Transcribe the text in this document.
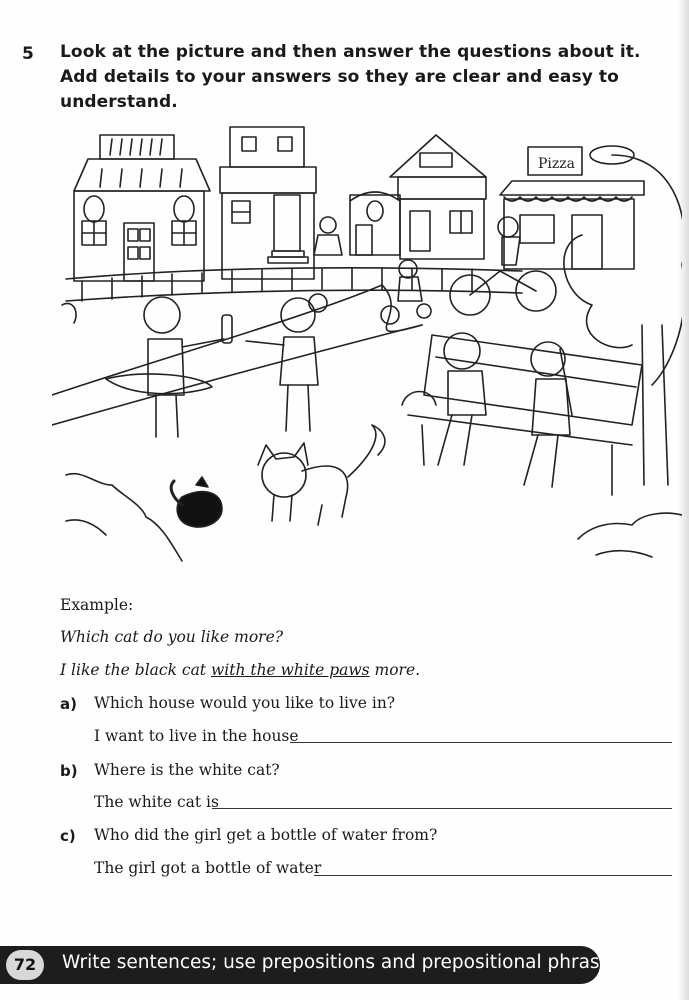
5 Look at the picture and then answer the questions about it. Add details to your answers so they are clear and easy to understand.
Pizza
Example:
Which cat do you like more?
I like the black cat with the white paws more.
a) Which house would you like to live in?
I want to live in the house
b) Where is the white cat?
The white cat is
c) Who did the girl get a bottle of water from?
The girl got a bottle of water
72	Write sentences; use prepositions and prepositional phrases.
